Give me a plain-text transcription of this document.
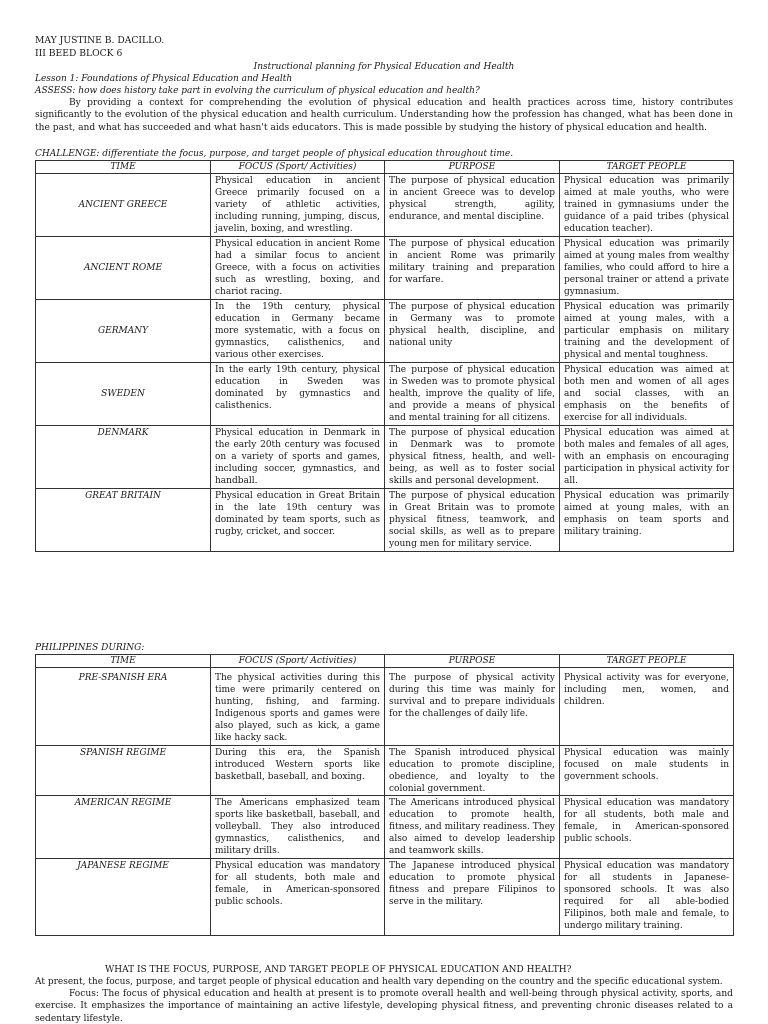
MAY JUSTINE B. DACILLO.
III BEED BLOCK 6
Instructional planning for Physical Education and Health
Lesson 1: Foundations of Physical Education and Health
ASSESS: how does history take part in evolving the curriculum of physical education and health?
By providing a context for comprehending the evolution of physical education and health practices across time, history contributes significantly to the evolution of the physical education and health curriculum. Understanding how the profession has changed, what has been done in the past, and what has succeeded and what hasn't aids educators. This is made possible by studying the history of physical education and health.
CHALLENGE: differentiate the focus, purpose, and target people of physical education throughout time.
TIME	FOCUS (Sport/ Activities)	PURPOSE	TARGET PEOPLE
ANCIENT GREECE	Physical education in ancient Greece primarily focused on a variety of athletic activities, including running, jumping, discus, javelin, boxing, and wrestling.	The purpose of physical education in ancient Greece was to develop physical strength, agility, endurance, and mental discipline.	Physical education was primarily aimed at male youths, who were trained in gymnasiums under the guidance of a paid tribes (physical education teacher).
ANCIENT ROME	Physical education in ancient Rome had a similar focus to ancient Greece, with a focus on activities such as wrestling, boxing, and chariot racing.	The purpose of physical education in ancient Rome was primarily military training and preparation for warfare.	Physical education was primarily aimed at young males from wealthy families, who could afford to hire a personal trainer or attend a private gymnasium.
GERMANY	In the 19th century, physical education in Germany became more systematic, with a focus on gymnastics, calisthenics, and various other exercises.	The purpose of physical education in Germany was to promote physical health, discipline, and national unity	Physical education was primarily aimed at young males, with a particular emphasis on military training and the development of physical and mental toughness.
SWEDEN	In the early 19th century, physical education in Sweden was dominated by gymnastics and calisthenics.	The purpose of physical education in Sweden was to promote physical health, improve the quality of life, and provide a means of physical and mental training for all citizens.	Physical education was aimed at both men and women of all ages and social classes, with an emphasis on the benefits of exercise for all individuals.
DENMARK	Physical education in Denmark in the early 20th century was focused on a variety of sports and games, including soccer, gymnastics, and handball.	The purpose of physical education in Denmark was to promote physical fitness, health, and well-being, as well as to foster social skills and personal development.	Physical education was aimed at both males and females of all ages, with an emphasis on encouraging participation in physical activity for all.
GREAT BRITAIN	Physical education in Great Britain in the late 19th century was dominated by team sports, such as rugby, cricket, and soccer.	The purpose of physical education in Great Britain was to promote physical fitness, teamwork, and social skills, as well as to prepare young men for military service.	Physical education was primarily aimed at young males, with an emphasis on team sports and military training.
PHILIPPINES DURING:
TIME	FOCUS (Sport/ Activities)	PURPOSE	TARGET PEOPLE
PRE-SPANISH ERA	The physical activities during this time were primarily centered on hunting, fishing, and farming. Indigenous sports and games were also played, such as kick, a game like hacky sack.	The purpose of physical activity during this time was mainly for survival and to prepare individuals for the challenges of daily life.	Physical activity was for everyone, including men, women, and children.
SPANISH REGIME	During this era, the Spanish introduced Western sports like basketball, baseball, and boxing.	The Spanish introduced physical education to promote discipline, obedience, and loyalty to the colonial government.	Physical education was mainly focused on male students in government schools.
AMERICAN REGIME	The Americans emphasized team sports like basketball, baseball, and volleyball. They also introduced gymnastics, calisthenics, and military drills.	The Americans introduced physical education to promote health, fitness, and military readiness. They also aimed to develop leadership and teamwork skills.	Physical education was mandatory for all students, both male and female, in American-sponsored public schools.
JAPANESE REGIME	Physical education was mandatory for all students, both male and female, in American-sponsored public schools.	The Japanese introduced physical education to promote physical fitness and prepare Filipinos to serve in the military.	Physical education was mandatory for all students in Japanese-sponsored schools. It was also required for all able-bodied Filipinos, both male and female, to undergo military training.
WHAT IS THE FOCUS, PURPOSE, AND TARGET PEOPLE OF PHYSICAL EDUCATION AND HEALTH?
At present, the focus, purpose, and target people of physical education and health vary depending on the country and the specific educational system.
Focus: The focus of physical education and health at present is to promote overall health and well-being through physical activity, sports, and exercise. It emphasizes the importance of maintaining an active lifestyle, developing physical fitness, and preventing chronic diseases related to a sedentary lifestyle.
